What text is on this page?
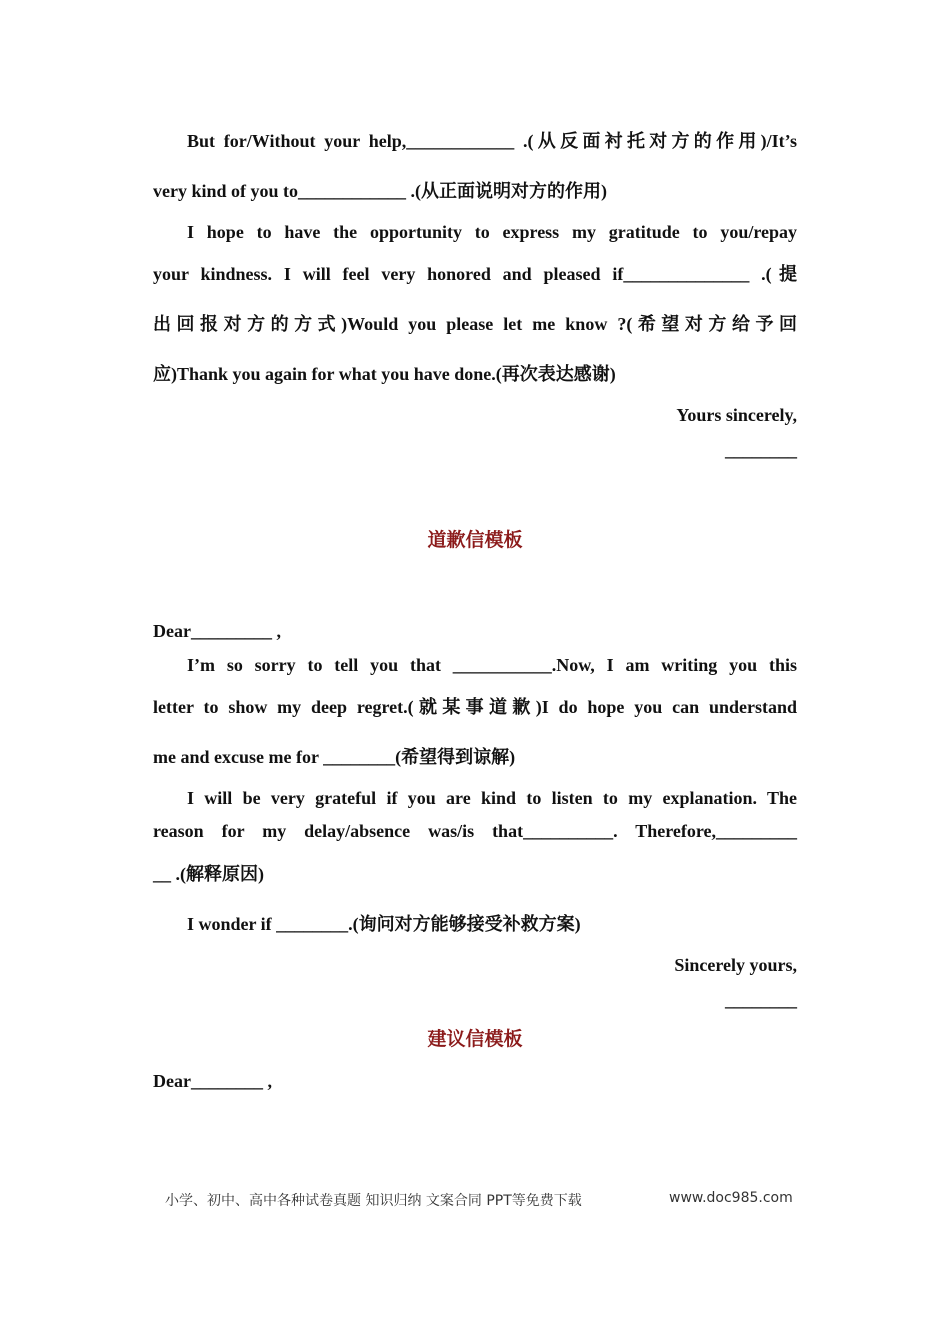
But for/Without your help,____________ .(从反面衬托对方的作用)/It’s
very kind of you to____________ .(从正面说明对方的作用)
I hope to have the opportunity to express my gratitude to you/repay
your kindness. I will feel very honored and pleased if______________ .(提
出回报对方的方式)Would you please let me know ?(希望对方给予回
应)Thank you again for what you have done.(再次表达感谢)
Yours sincerely,
________
道歉信模板
Dear_________ ,
I’m so sorry to tell you that ___________.Now, I am writing you this
letter to show my deep regret.(就某事道歉)I do hope you can understand
me and excuse me for ________(希望得到谅解)
I will be very grateful if you are kind to listen to my explanation. The
reason for my delay/absence was/is that__________. Therefore,_________
__ .(解释原因)
I wonder if ________.(询问对方能够接受补救方案)
Sincerely yours,
________
建议信模板
Dear________ ,
小学、初中、高中各种试卷真题 知识归纳 文案合同 PPT等免费下载	www.doc985.com
